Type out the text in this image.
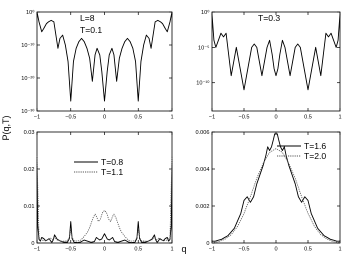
−1	−0.5	0	0.5	1
10⁰
10⁻¹⁰
10⁻²⁰
10⁻³⁰
L=8
T=0.1
−1	−0.5	0	0.5	1
10⁰
10⁻⁵
10⁻¹⁰
T=0.3
−1	−0.5	0	0.5	1
0
0.01
0.02
0.03
T=0.8
T=1.1
−1	−0.5	0	0.5	1
0
0.002
0.004
0.006
T=1.6
T=2.0
P(q,T)
q
